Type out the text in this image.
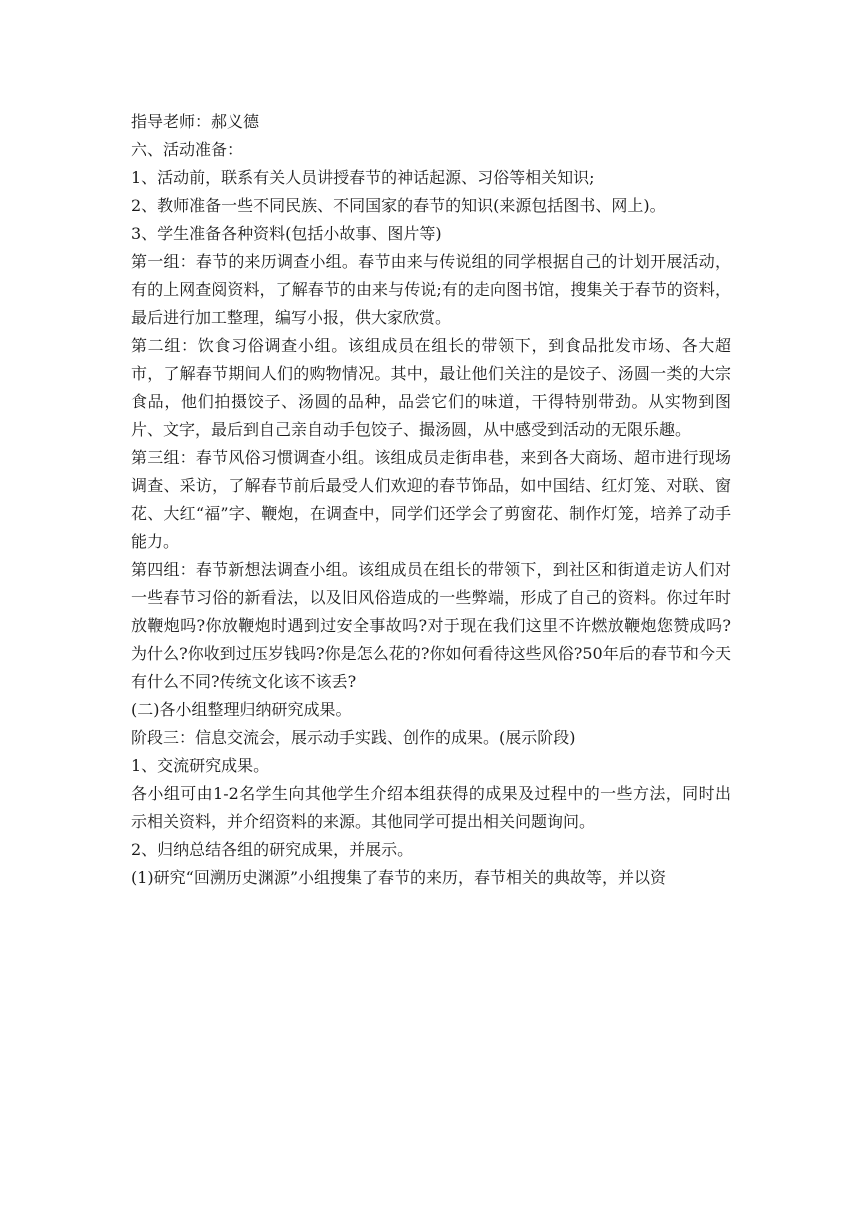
指导老师：郝义德

六、活动准备：

1、活动前，联系有关人员讲授春节的神话起源、习俗等相关知识;

2、教师准备一些不同民族、不同国家的春节的知识(来源包括图书、网上)。

3、学生准备各种资料(包括小故事、图片等)

第一组：春节的来历调查小组。春节由来与传说组的同学根据自己的计划开展活动，有的上网查阅资料，了解春节的由来与传说;有的走向图书馆，搜集关于春节的资料，最后进行加工整理，编写小报，供大家欣赏。

第二组：饮食习俗调查小组。该组成员在组长的带领下，到食品批发市场、各大超市，了解春节期间人们的购物情况。其中，最让他们关注的是饺子、汤圆一类的大宗食品，他们拍摄饺子、汤圆的品种，品尝它们的味道，干得特别带劲。从实物到图片、文字，最后到自己亲自动手包饺子、撮汤圆，从中感受到活动的无限乐趣。

第三组：春节风俗习惯调查小组。该组成员走街串巷，来到各大商场、超市进行现场调查、采访，了解春节前后最受人们欢迎的春节饰品，如中国结、红灯笼、对联、窗花、大红“福”字、鞭炮，在调查中，同学们还学会了剪窗花、制作灯笼，培养了动手能力。

第四组：春节新想法调查小组。该组成员在组长的带领下，到社区和街道走访人们对一些春节习俗的新看法，以及旧风俗造成的一些弊端，形成了自己的资料。你过年时放鞭炮吗?你放鞭炮时遇到过安全事故吗?对于现在我们这里不许燃放鞭炮您赞成吗?为什么?你收到过压岁钱吗?你是怎么花的?你如何看待这些风俗?50年后的春节和今天有什么不同?传统文化该不该丢?

(二)各小组整理归纳研究成果。

阶段三：信息交流会，展示动手实践、创作的成果。(展示阶段)

1、交流研究成果。

各小组可由1-2名学生向其他学生介绍本组获得的成果及过程中的一些方法，同时出示相关资料，并介绍资料的来源。其他同学可提出相关问题询问。

2、归纳总结各组的研究成果，并展示。

(1)研究“回溯历史渊源”小组搜集了春节的来历，春节相关的典故等，并以资
